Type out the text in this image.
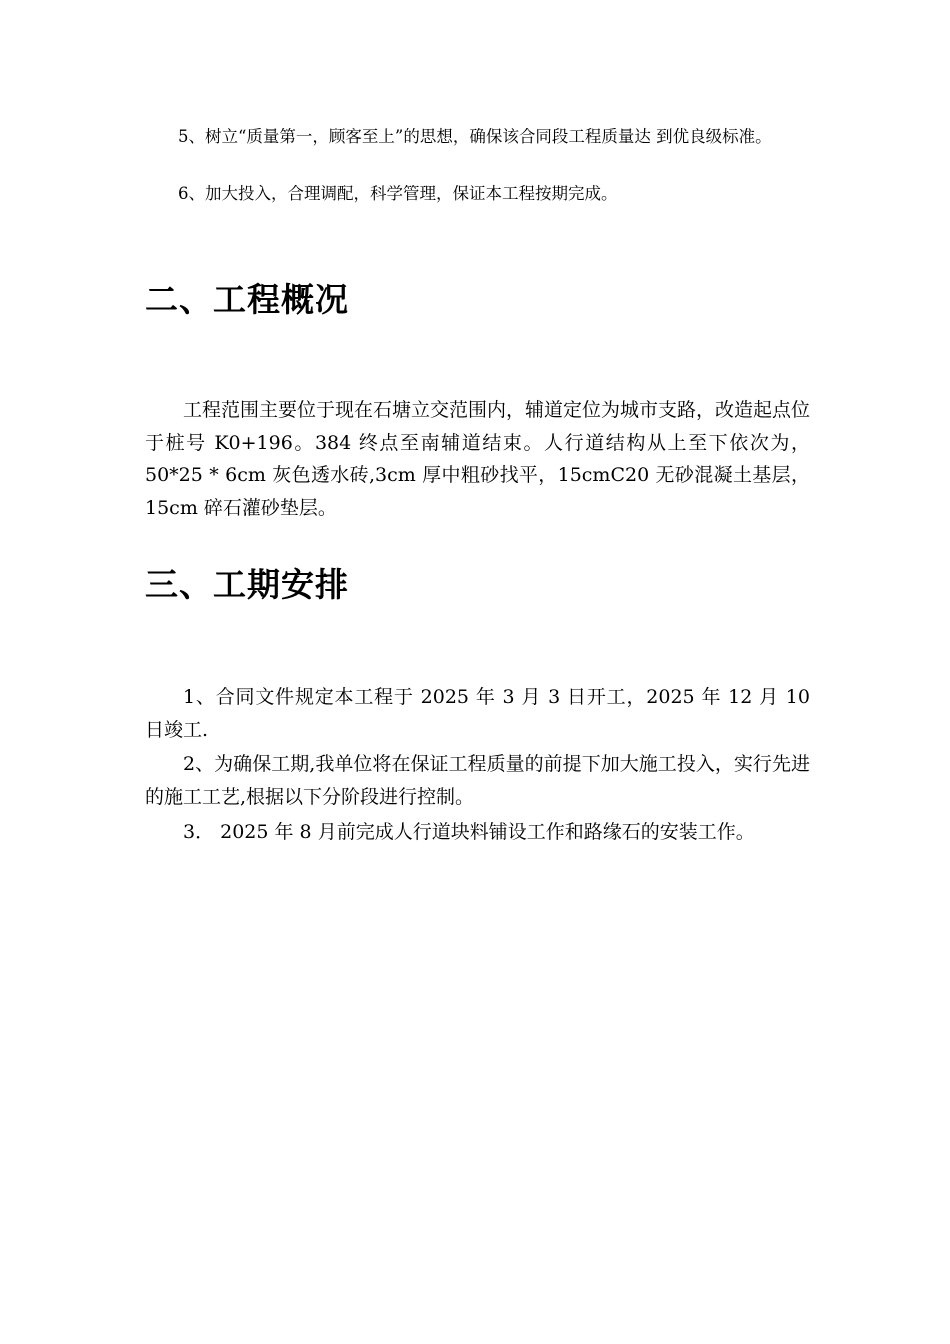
5、树立“质量第一，顾客至上”的思想，确保该合同段工程质量达 到优良级标准。

6、加大投入，合理调配，科学管理，保证本工程按期完成。

二、工程概况

工程范围主要位于现在石塘立交范围内，辅道定位为城市支路，改造起点位于桩号 K0+196。384 终点至南辅道结束。人行道结构从上至下依次为，50*25 * 6cm 灰色透水砖,3cm 厚中粗砂找平，15cmC20 无砂混凝土基层，15cm 碎石灌砂垫层。

三、工期安排

1、合同文件规定本工程于 2025 年 3 月 3 日开工，2025 年 12 月 10 日竣工.

2、为确保工期,我单位将在保证工程质量的前提下加大施工投入，实行先进的施工工艺,根据以下分阶段进行控制。

3． 2025 年 8 月前完成人行道块料铺设工作和路缘石的安装工作。
